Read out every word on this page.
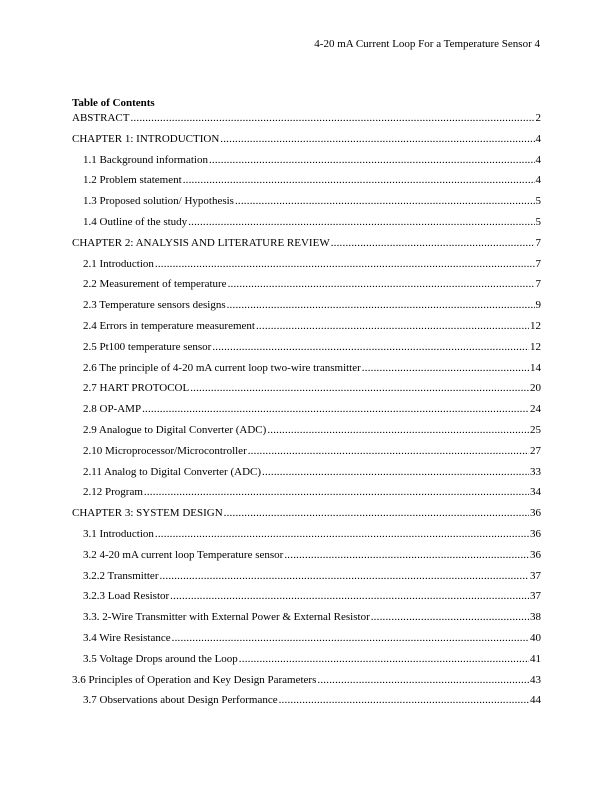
4-20 mA Current Loop For a Temperature Sensor 4
Table of Contents
ABSTRACT .....	2
CHAPTER 1: INTRODUCTION .....	4
1.1 Background information .....	4
1.2 Problem statement .....	4
1.3 Proposed solution/ Hypothesis .....	5
1.4 Outline of the study .....	5
CHAPTER 2: ANALYSIS AND LITERATURE REVIEW .....	7
2.1 Introduction .....	7
2.2 Measurement of temperature .....	7
2.3 Temperature sensors designs .....	9
2.4 Errors in temperature measurement .....	12
2.5 Pt100 temperature sensor .....	12
2.6 The principle of 4-20 mA current loop two-wire transmitter .....	14
2.7 HART PROTOCOL .....	20
2.8 OP-AMP .....	24
2.9 Analogue to Digital Converter (ADC) .....	25
2.10 Microprocessor/Microcontroller .....	27
2.11 Analog to Digital Converter (ADC) .....	33
2.12 Program .....	34
CHAPTER 3: SYSTEM DESIGN .....	36
3.1 Introduction .....	36
3.2 4-20 mA current loop Temperature sensor .....	36
3.2.2 Transmitter .....	37
3.2.3 Load Resistor .....	37
3.3. 2-Wire Transmitter with External Power & External Resistor .....	38
3.4 Wire Resistance .....	40
3.5 Voltage Drops around the Loop .....	41
3.6 Principles of Operation and Key Design Parameters .....	43
3.7 Observations about Design Performance .....	44
